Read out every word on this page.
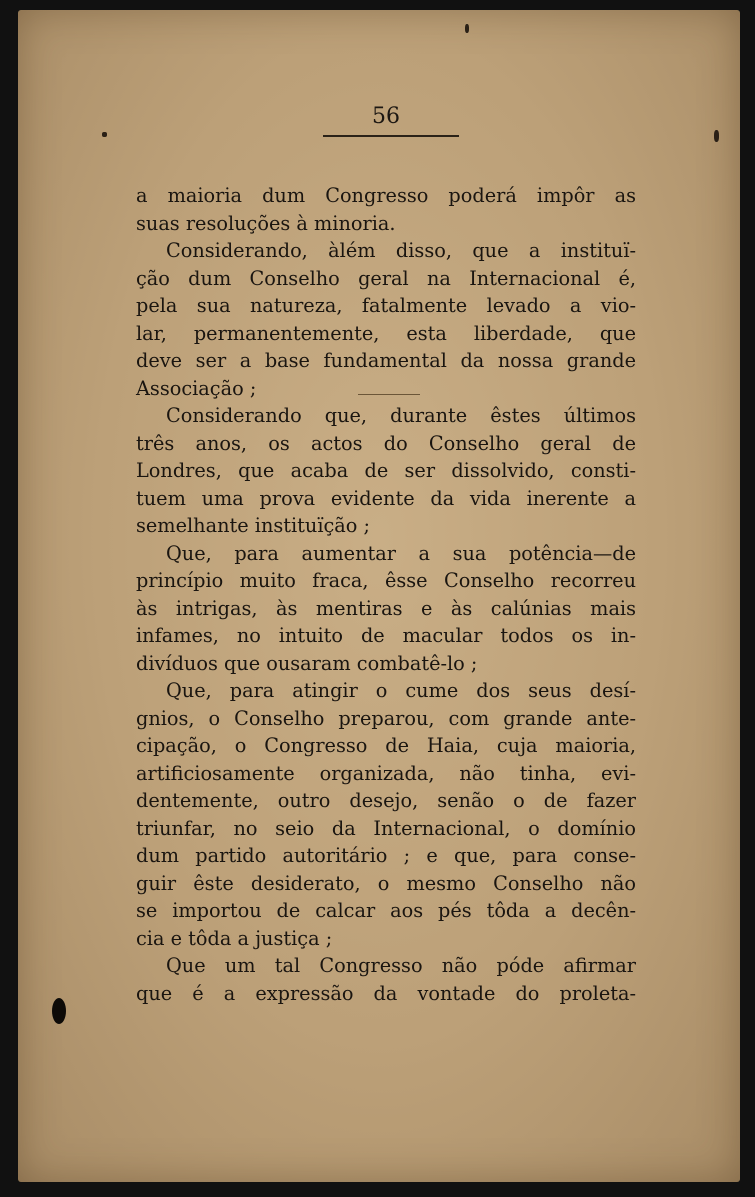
56
a maioria dum Congresso poderá impôr as
suas resoluções à minoria.
Considerando, àlém disso, que a instituï-
ção dum Conselho geral na Internacional é,
pela sua natureza, fatalmente levado a vio-
lar, permanentemente, esta liberdade, que
deve ser a base fundamental da nossa grande
Associação ;
Considerando que, durante êstes últimos
três anos, os actos do Conselho geral de
Londres, que acaba de ser dissolvido, consti-
tuem uma prova evidente da vida inerente a
semelhante instituïção ;
Que, para aumentar a sua potência—de
princípio muito fraca, êsse Conselho recorreu
às intrigas, às mentiras e às calúnias mais
infames, no intuito de macular todos os in-
divíduos que ousaram combatê-lo ;
Que, para atingir o cume dos seus desí-
gnios, o Conselho preparou, com grande ante-
cipação, o Congresso de Haia, cuja maioria,
artificiosamente organizada, não tinha, evi-
dentemente, outro desejo, senão o de fazer
triunfar, no seio da Internacional, o domínio
dum partido autoritário ; e que, para conse-
guir êste desiderato, o mesmo Conselho não
se importou de calcar aos pés tôda a decên-
cia e tôda a justiça ;
Que um tal Congresso não póde afirmar
que é a expressão da vontade do proleta-
